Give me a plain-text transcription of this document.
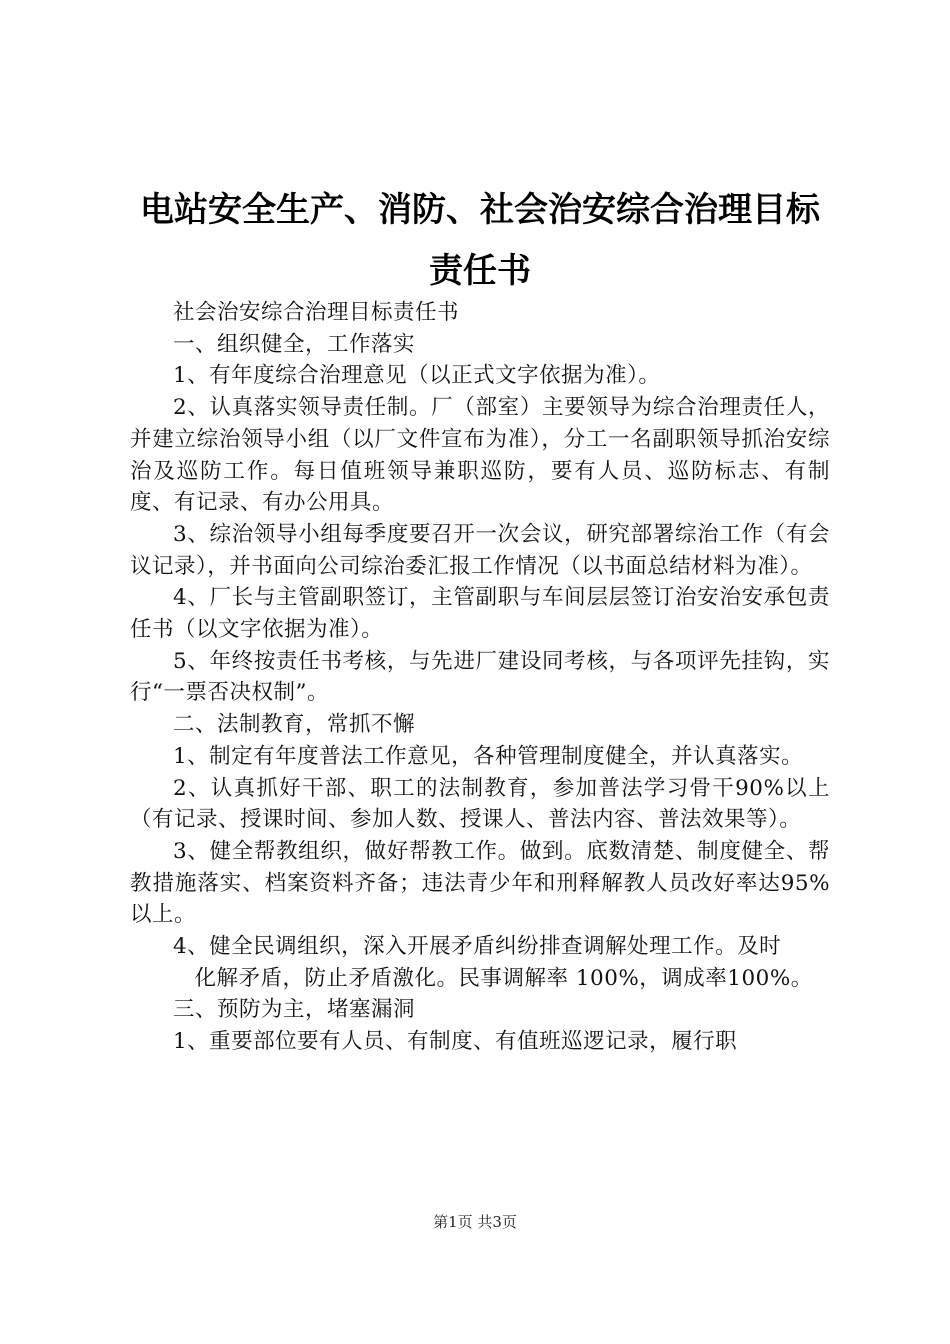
电站安全生产、消防、社会治安综合治理目标
责任书

社会治安综合治理目标责任书

一、组织健全，工作落实

1、有年度综合治理意见（以正式文字依据为准）。

2、认真落实领导责任制。厂（部室）主要领导为综合治理责任人，并建立综治领导小组（以厂文件宣布为准），分工一名副职领导抓治安综治及巡防工作。每日值班领导兼职巡防，要有人员、巡防标志、有制度、有记录、有办公用具。

3、综治领导小组每季度要召开一次会议，研究部署综治工作（有会议记录），并书面向公司综治委汇报工作情况（以书面总结材料为准）。

4、厂长与主管副职签订，主管副职与车间层层签订治安治安承包责任书（以文字依据为准）。

5、年终按责任书考核，与先进厂建设同考核，与各项评先挂钩，实行“一票否决权制”。

二、法制教育，常抓不懈

1、制定有年度普法工作意见，各种管理制度健全，并认真落实。

2、认真抓好干部、职工的法制教育，参加普法学习骨干90%以上（有记录、授课时间、参加人数、授课人、普法内容、普法效果等）。

3、健全帮教组织，做好帮教工作。做到。底数清楚、制度健全、帮教措施落实、档案资料齐备；违法青少年和刑释解教人员改好率达95%以上。

4、健全民调组织，深入开展矛盾纠纷排查调解处理工作。及时

化解矛盾，防止矛盾激化。民事调解率 100%，调成率100%。

三、预防为主，堵塞漏洞

1、重要部位要有人员、有制度、有值班巡逻记录，履行职

第1页 共3页
